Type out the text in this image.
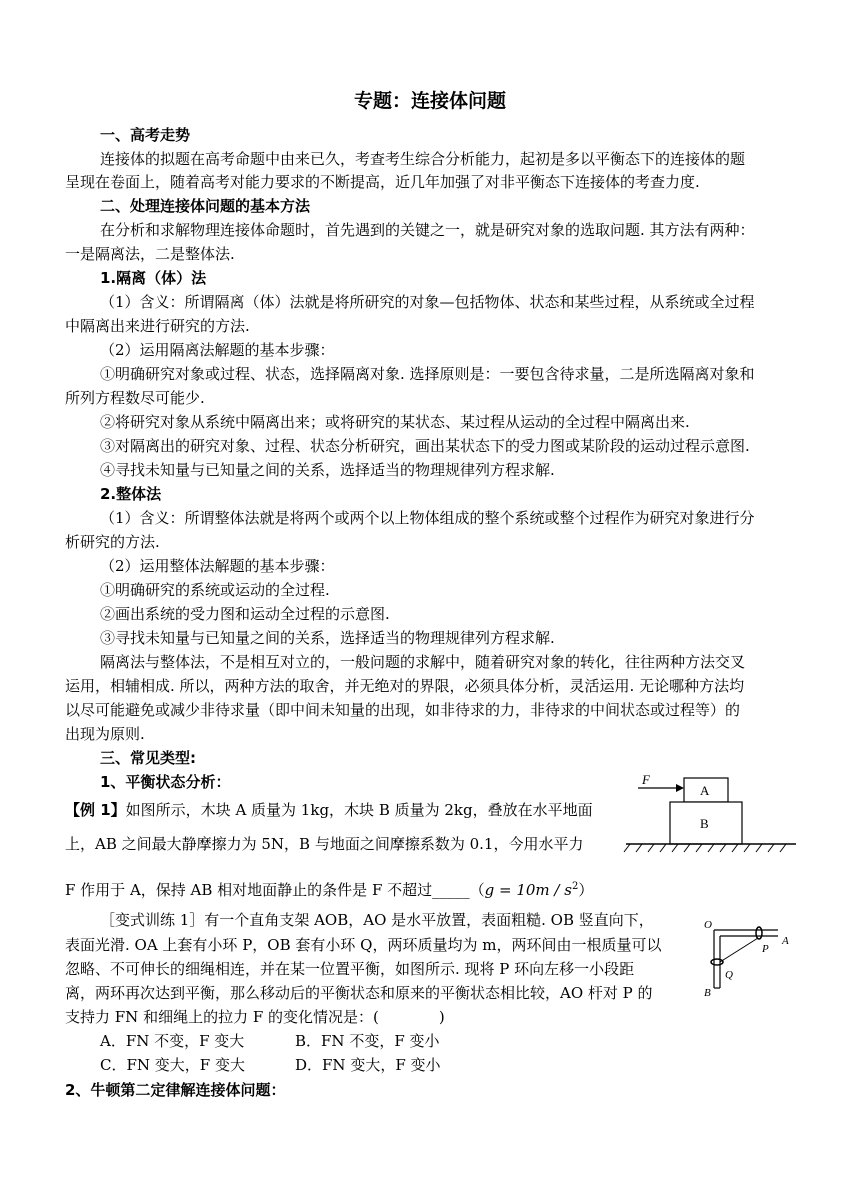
专题：连接体问题
一、高考走势
连接体的拟题在高考命题中由来已久，考查考生综合分析能力，起初是多以平衡态下的连接体的题
呈现在卷面上，随着高考对能力要求的不断提高，近几年加强了对非平衡态下连接体的考查力度.
二、处理连接体问题的基本方法
在分析和求解物理连接体命题时，首先遇到的关键之一，就是研究对象的选取问题. 其方法有两种：
一是隔离法，二是整体法.
1.隔离（体）法
（1）含义：所谓隔离（体）法就是将所研究的对象—包括物体、状态和某些过程，从系统或全过程
中隔离出来进行研究的方法.
（2）运用隔离法解题的基本步骤：
①明确研究对象或过程、状态，选择隔离对象. 选择原则是：一要包含待求量，二是所选隔离对象和
所列方程数尽可能少.
②将研究对象从系统中隔离出来；或将研究的某状态、某过程从运动的全过程中隔离出来.
③对隔离出的研究对象、过程、状态分析研究，画出某状态下的受力图或某阶段的运动过程示意图.
④寻找未知量与已知量之间的关系，选择适当的物理规律列方程求解.
2.整体法
（1）含义：所谓整体法就是将两个或两个以上物体组成的整个系统或整个过程作为研究对象进行分
析研究的方法.
（2）运用整体法解题的基本步骤：
①明确研究的系统或运动的全过程.
②画出系统的受力图和运动全过程的示意图.
③寻找未知量与已知量之间的关系，选择适当的物理规律列方程求解.
隔离法与整体法，不是相互对立的，一般问题的求解中，随着研究对象的转化，往往两种方法交叉
运用，相辅相成. 所以，两种方法的取舍，并无绝对的界限，必须具体分析，灵活运用. 无论哪种方法均
以尽可能避免或减少非待求量（即中间未知量的出现，如非待求的力，非待求的中间状态或过程等）的
出现为原则.
三、常见类型:
1、平衡状态分析：
【例 1】如图所示，木块 A 质量为 1kg，木块 B 质量为 2kg，叠放在水平地面
上，AB 之间最大静摩擦力为 5N，B 与地面之间摩擦系数为 0.1，今用水平力
F 作用于 A，保持 AB 相对地面静止的条件是 F 不超过_____（g = $10m / s^2$）
F
A
B
［变式训练 1］有一个直角支架 AOB，AO 是水平放置，表面粗糙. OB 竖直向下，
表面光滑. OA 上套有小环 P，OB 套有小环 Q，两环质量均为 m，两环间由一根质量可以
忽略、不可伸长的细绳相连，并在某一位置平衡，如图所示. 现将 P 环向左移一小段距
离，两环再次达到平衡，那么移动后的平衡状态和原来的平衡状态相比较，AO 杆对 P 的
支持力 FN 和细绳上的拉力 F 的变化情况是：(　　　　)
A．FN 不变，F 变大	B．FN 不变，F 变小
C．FN 变大，F 变大	D．FN 变大，F 变小
O
P
A
Q
B
2、牛顿第二定律解连接体问题：
